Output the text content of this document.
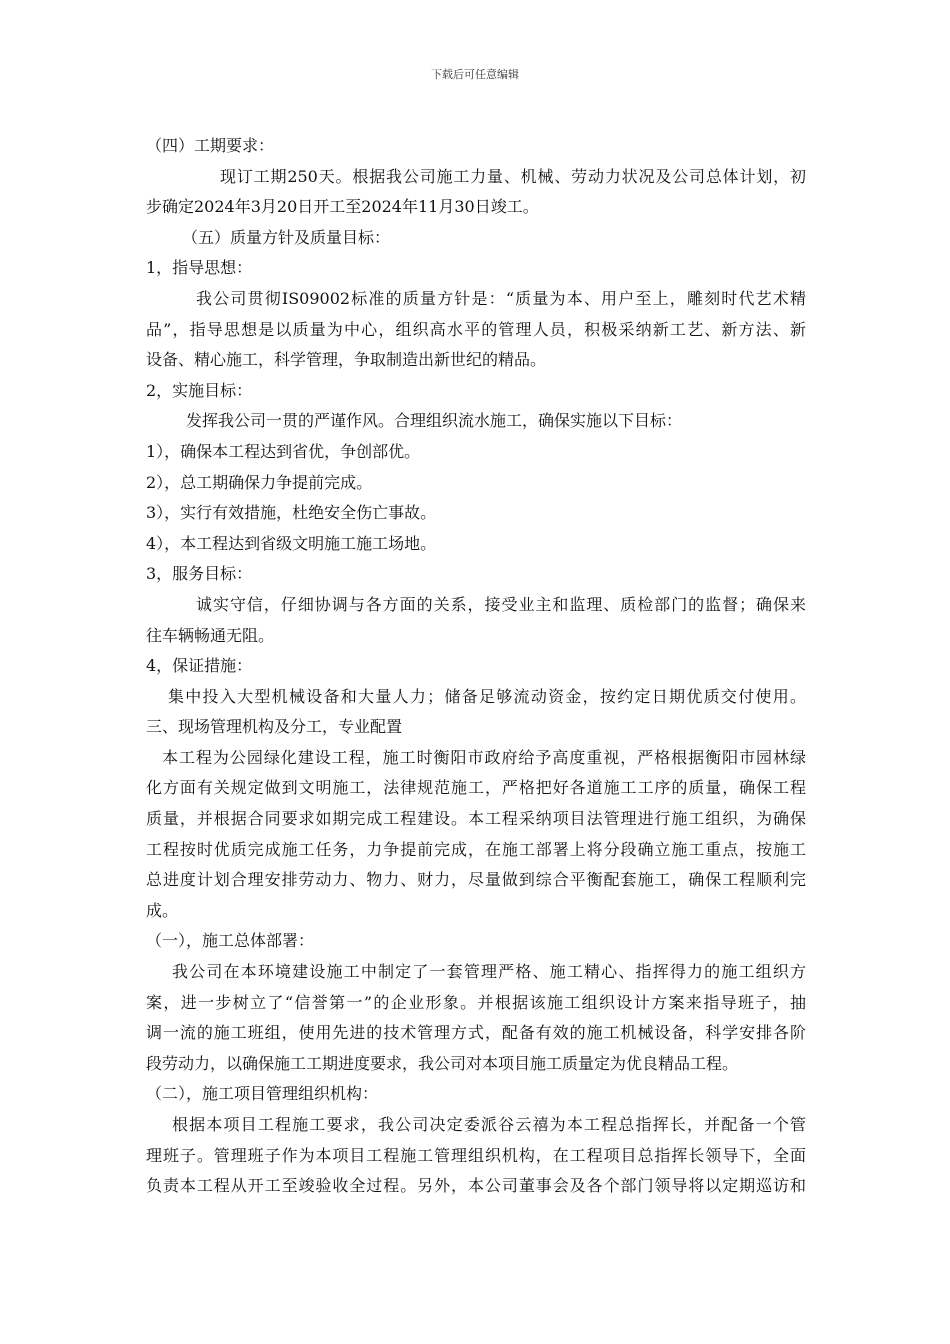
下载后可任意编辑
（四）工期要求：
现订工期250天。根据我公司施工力量、机械、劳动力状况及公司总体计划，初
步确定2024年3月20日开工至2024年11月30日竣工。
（五）质量方针及质量目标：
1，指导思想：
我公司贯彻IS09002标准的质量方针是：“质量为本、用户至上，雕刻时代艺术精
品”，指导思想是以质量为中心，组织高水平的管理人员，积极采纳新工艺、新方法、新
设备、精心施工，科学管理，争取制造出新世纪的精品。
2，实施目标：
发挥我公司一贯的严谨作风。合理组织流水施工，确保实施以下目标：
1），确保本工程达到省优，争创部优。
2），总工期确保力争提前完成。
3），实行有效措施，杜绝安全伤亡事故。
4），本工程达到省级文明施工施工场地。
3，服务目标：
诚实守信，仔细协调与各方面的关系，接受业主和监理、质检部门的监督；确保来
往车辆畅通无阻。
4，保证措施：
集中投入大型机械设备和大量人力；储备足够流动资金，按约定日期优质交付使用。
三、现场管理机构及分工，专业配置
本工程为公园绿化建设工程，施工时衡阳市政府给予高度重视，严格根据衡阳市园林绿
化方面有关规定做到文明施工，法律规范施工，严格把好各道施工工序的质量，确保工程
质量，并根据合同要求如期完成工程建设。本工程采纳项目法管理进行施工组织，为确保
工程按时优质完成施工任务，力争提前完成，在施工部署上将分段确立施工重点，按施工
总进度计划合理安排劳动力、物力、财力，尽量做到综合平衡配套施工，确保工程顺利完
成。
（一），施工总体部署：
我公司在本环境建设施工中制定了一套管理严格、施工精心、指挥得力的施工组织方
案，进一步树立了“信誉第一”的企业形象。并根据该施工组织设计方案来指导班子，抽
调一流的施工班组，使用先进的技术管理方式，配备有效的施工机械设备，科学安排各阶
段劳动力，以确保施工工期进度要求，我公司对本项目施工质量定为优良精品工程。
（二），施工项目管理组织机构：
根据本项目工程施工要求，我公司决定委派谷云禧为本工程总指挥长，并配备一个管
理班子。管理班子作为本项目工程施工管理组织机构，在工程项目总指挥长领导下，全面
负责本工程从开工至竣验收全过程。另外，本公司董事会及各个部门领导将以定期巡访和
